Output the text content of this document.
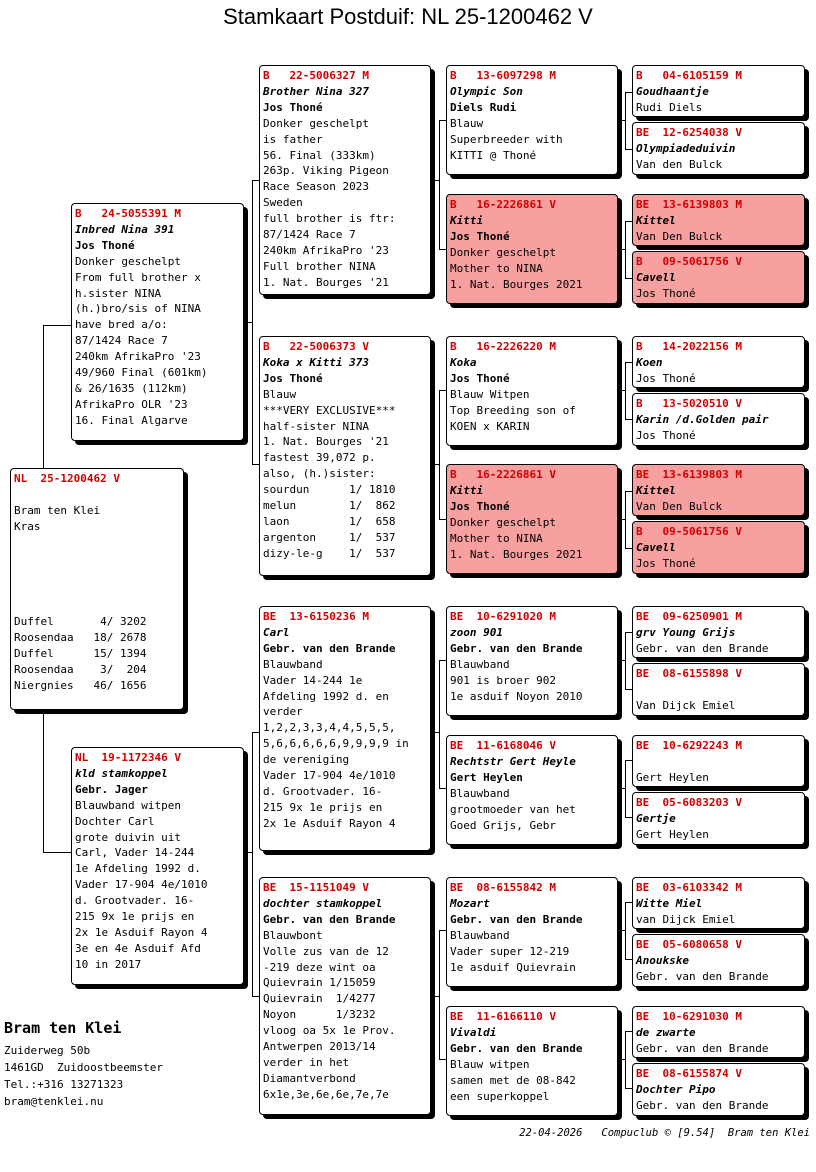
Stamkaart Postduif: NL 25-1200462 V
NL  25-1200462 V
Bram ten Klei
Kras
Duffel       4/ 3202
Roosendaa   18/ 2678
Duffel      15/ 1394
Roosendaa    3/  204
Niergnies   46/ 1656
B   24-5055391 M
Inbred Nina 391
Jos Thoné
Donker geschelpt
From full brother x
h.sister NINA
(h.)bro/sis of NINA
have bred a/o:
87/1424 Race 7
240km AfrikaPro '23
49/960 Final (601km)
& 26/1635 (112km)
AfrikaPro OLR '23
16. Final Algarve
NL  19-1172346 V
kld stamkoppel
Gebr. Jager
Blauwband witpen
Dochter Carl
grote duivin uit
Carl, Vader 14-244
1e Afdeling 1992 d.
Vader 17-904 4e/1010
d. Grootvader. 16-
215 9x 1e prijs en
2x 1e Asduif Rayon 4
3e en 4e Asduif Afd
10 in 2017
B   22-5006327 M
Brother Nina 327
Jos Thoné
Donker geschelpt
is father
56. Final (333km)
263p. Viking Pigeon
Race Season 2023
Sweden
full brother is ftr:
87/1424 Race 7
240km AfrikaPro '23
Full brother NINA
1. Nat. Bourges '21
B   22-5006373 V
Koka x Kitti 373
Jos Thoné
Blauw
***VERY EXCLUSIVE***
half-sister NINA
1. Nat. Bourges '21
fastest 39,072 p.
also, (h.)sister:
sourdun      1/ 1810
melun        1/  862
laon         1/  658
argenton     1/  537
dizy-le-g    1/  537
BE  13-6150236 M
Carl
Gebr. van den Brande
Blauwband
Vader 14-244 1e
Afdeling 1992 d. en
verder
1,2,2,3,3,4,4,5,5,5,
5,6,6,6,6,6,9,9,9,9 in
de vereniging
Vader 17-904 4e/1010
d. Grootvader. 16-
215 9x 1e prijs en
2x 1e Asduif Rayon 4
BE  15-1151049 V
dochter stamkoppel
Gebr. van den Brande
Blauwbont
Volle zus van de 12
-219 deze wint oa
Quievrain 1/15059
Quievrain  1/4277
Noyon      1/3232
vloog oa 5x 1e Prov.
Antwerpen 2013/14
verder in het
Diamantverbond
6x1e,3e,6e,6e,7e,7e
B   13-6097298 M
Olympic Son
Diels Rudi
Blauw
Superbreeder with
KITTI @ Thoné
B   16-2226861 V
Kitti
Jos Thoné
Donker geschelpt
Mother to NINA
1. Nat. Bourges 2021
B   16-2226220 M
Koka
Jos Thoné
Blauw Witpen
Top Breeding son of
KOEN x KARIN
B   16-2226861 V
Kitti
Jos Thoné
Donker geschelpt
Mother to NINA
1. Nat. Bourges 2021
BE  10-6291020 M
zoon 901
Gebr. van den Brande
Blauwband
901 is broer 902
1e asduif Noyon 2010
BE  11-6168046 V
Rechtstr Gert Heyle
Gert Heylen
Blauwband
grootmoeder van het
Goed Grijs, Gebr
BE  08-6155842 M
Mozart
Gebr. van den Brande
Blauwband
Vader super 12-219
1e asduif Quievrain
BE  11-6166110 V
Vivaldi
Gebr. van den Brande
Blauw witpen
samen met de 08-842
een superkoppel
B   04-6105159 M
Goudhaantje
Rudi Diels
BE  12-6254038 V
Olympiadeduivin
Van den Bulck
BE  13-6139803 M
Kittel
Van Den Bulck
B   09-5061756 V
Cavell
Jos Thoné
B   14-2022156 M
Koen
Jos Thoné
B   13-5020510 V
Karin /d.Golden pair
Jos Thoné
BE  13-6139803 M
Kittel
Van Den Bulck
B   09-5061756 V
Cavell
Jos Thoné
BE  09-6250901 M
grv Young Grijs
Gebr. van den Brande
BE  08-6155898 V
Van Dijck Emiel
BE  10-6292243 M
Gert Heylen
BE  05-6083203 V
Gertje
Gert Heylen
BE  03-6103342 M
Witte Miel
van Dijck Emiel
BE  05-6080658 V
Anoukske
Gebr. van den Brande
BE  10-6291030 M
de zwarte
Gebr. van den Brande
BE  08-6155874 V
Dochter Pipo
Gebr. van den Brande
Bram ten Klei
Zuiderweg 50b
1461GD  Zuidoostbeemster
Tel.:+316 13271323
bram@tenklei.nu
22-04-2026   Compuclub © [9.54]  Bram ten Klei
